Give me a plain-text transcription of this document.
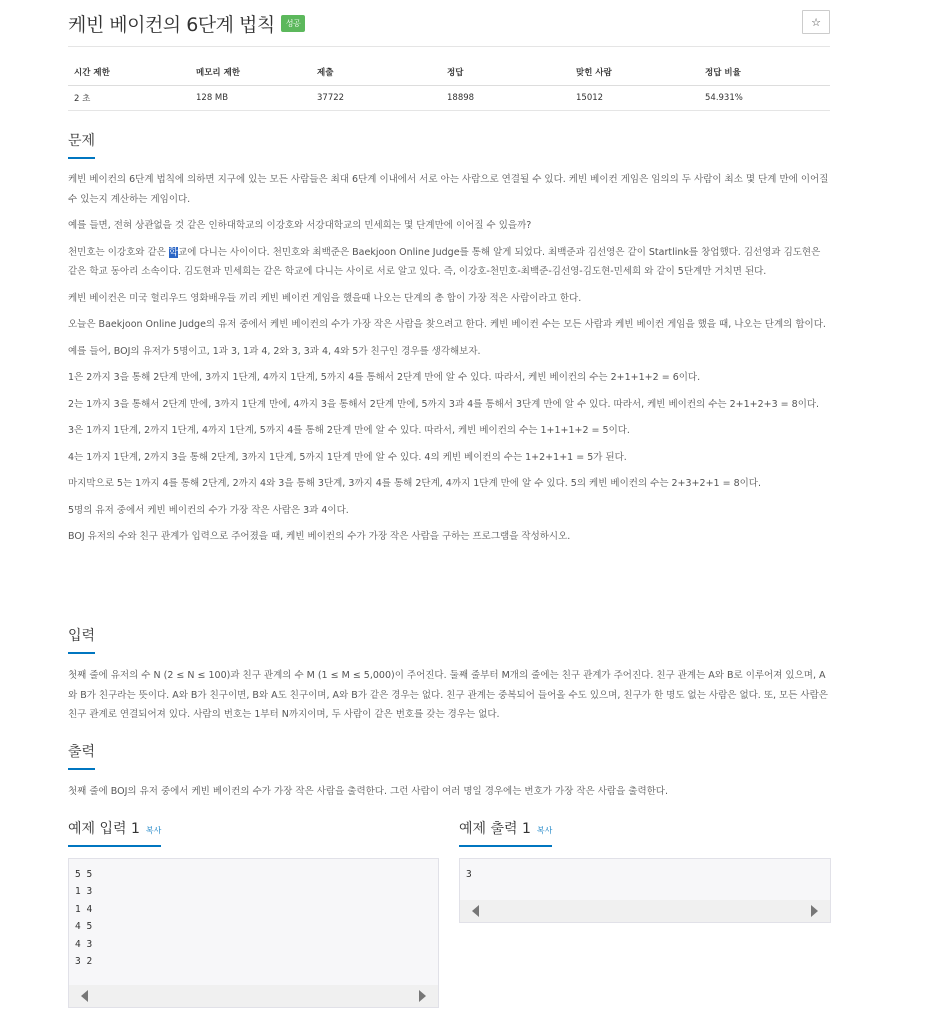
케빈 베이컨의 6단계 법칙 성공	☆
시간 제한	메모리 제한	제출	정답	맞힌 사람	정답 비율
2 초	128 MB	37722	18898	15012	54.931%
문제

케빈 베이컨의 6단계 법칙에 의하면 지구에 있는 모든 사람들은 최대 6단계 이내에서 서로 아는 사람으로 연결될 수 있다. 케빈 베이컨 게임은 임의의 두 사람이 최소 몇 단계 만에 이어질 수 있는지 계산하는 게임이다.

예를 들면, 전혀 상관없을 것 같은 인하대학교의 이강호와 서강대학교의 민세희는 몇 단계만에 이어질 수 있을까?

천민호는 이강호와 같은 학교에 다니는 사이이다. 천민호와 최백준은 Baekjoon Online Judge를 통해 알게 되었다. 최백준과 김선영은 같이 Startlink를 창업했다. 김선영과 김도현은 같은 학교 동아리 소속이다. 김도현과 민세희는 같은 학교에 다니는 사이로 서로 알고 있다. 즉, 이강호-천민호-최백준-김선영-김도현-민세희 와 같이 5단계만 거치면 된다.

케빈 베이컨은 미국 헐리우드 영화배우들 끼리 케빈 베이컨 게임을 했을때 나오는 단계의 총 합이 가장 적은 사람이라고 한다.

오늘은 Baekjoon Online Judge의 유저 중에서 케빈 베이컨의 수가 가장 작은 사람을 찾으려고 한다. 케빈 베이컨 수는 모든 사람과 케빈 베이컨 게임을 했을 때, 나오는 단계의 합이다.

예를 들어, BOJ의 유저가 5명이고, 1과 3, 1과 4, 2와 3, 3과 4, 4와 5가 친구인 경우를 생각해보자.

1은 2까지 3을 통해 2단계 만에, 3까지 1단계, 4까지 1단계, 5까지 4를 통해서 2단계 만에 알 수 있다. 따라서, 케빈 베이컨의 수는 2+1+1+2 = 6이다.

2는 1까지 3을 통해서 2단계 만에, 3까지 1단계 만에, 4까지 3을 통해서 2단계 만에, 5까지 3과 4를 통해서 3단계 만에 알 수 있다. 따라서, 케빈 베이컨의 수는 2+1+2+3 = 8이다.

3은 1까지 1단계, 2까지 1단계, 4까지 1단계, 5까지 4를 통해 2단계 만에 알 수 있다. 따라서, 케빈 베이컨의 수는 1+1+1+2 = 5이다.

4는 1까지 1단계, 2까지 3을 통해 2단계, 3까지 1단계, 5까지 1단계 만에 알 수 있다. 4의 케빈 베이컨의 수는 1+2+1+1 = 5가 된다.

마지막으로 5는 1까지 4를 통해 2단계, 2까지 4와 3을 통해 3단계, 3까지 4를 통해 2단계, 4까지 1단계 만에 알 수 있다. 5의 케빈 베이컨의 수는 2+3+2+1 = 8이다.

5명의 유저 중에서 케빈 베이컨의 수가 가장 작은 사람은 3과 4이다.

BOJ 유저의 수와 친구 관계가 입력으로 주어졌을 때, 케빈 베이컨의 수가 가장 작은 사람을 구하는 프로그램을 작성하시오.

입력

첫째 줄에 유저의 수 N (2 ≤ N ≤ 100)과 친구 관계의 수 M (1 ≤ M ≤ 5,000)이 주어진다. 둘째 줄부터 M개의 줄에는 친구 관계가 주어진다. 친구 관계는 A와 B로 이루어져 있으며, A와 B가 친구라는 뜻이다. A와 B가 친구이면, B와 A도 친구이며, A와 B가 같은 경우는 없다. 친구 관계는 중복되어 들어올 수도 있으며, 친구가 한 명도 없는 사람은 없다. 또, 모든 사람은 친구 관계로 연결되어져 있다. 사람의 번호는 1부터 N까지이며, 두 사람이 같은 번호를 갖는 경우는 없다.

출력

첫째 줄에 BOJ의 유저 중에서 케빈 베이컨의 수가 가장 작은 사람을 출력한다. 그런 사람이 여러 명일 경우에는 번호가 가장 작은 사람을 출력한다.

예제 입력 1 복사	예제 출력 1 복사
5 5
1 3
1 4
4 5
4 3
3 2
3
